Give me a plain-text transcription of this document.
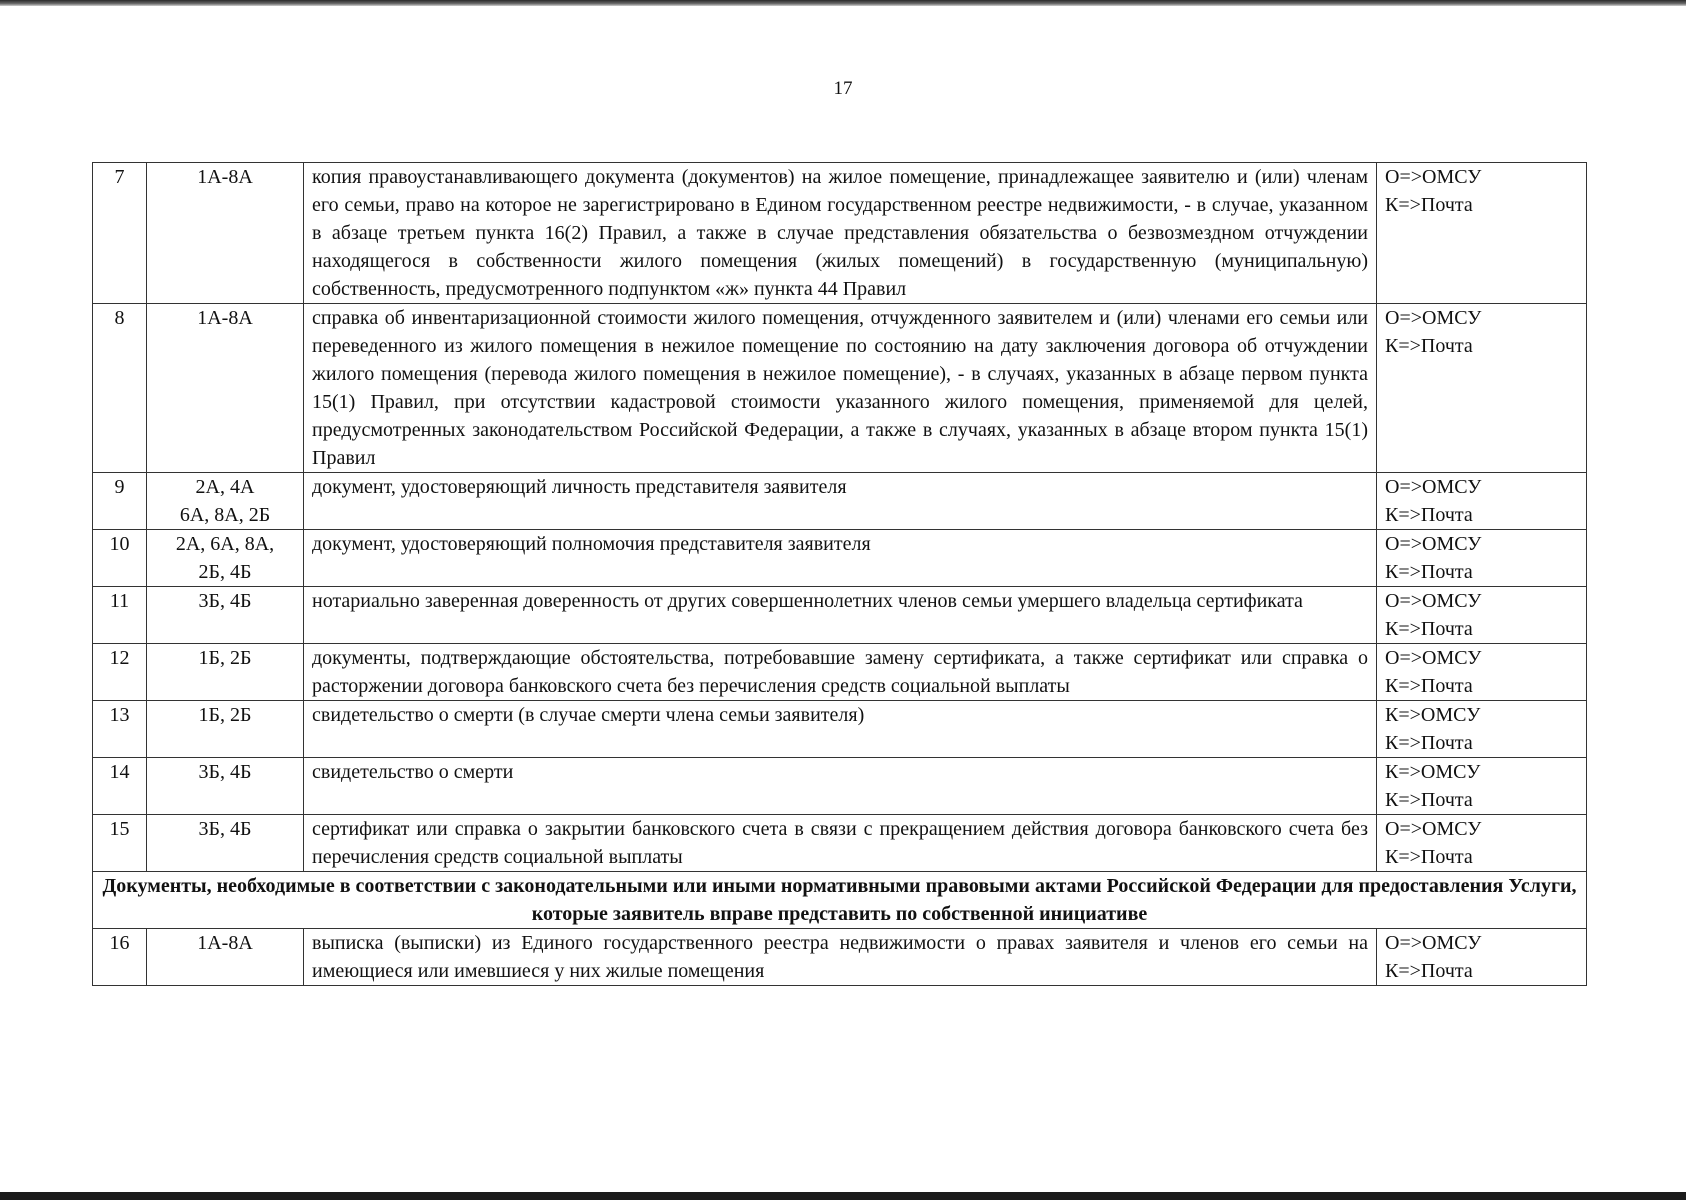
17
7	1А-8А	копия правоустанавливающего документа (документов) на жилое помещение, принадлежащее заявителю и (или) членам его семьи, право на которое не зарегистрировано в Едином государственном реестре недвижимости, - в случае, указанном в абзаце третьем пункта 16(2) Правил, а также в случае представления обязательства о безвозмездном отчуждении находящегося в собственности жилого помещения (жилых помещений) в государственную (муниципальную) собственность, предусмотренного подпунктом «ж» пункта 44 Правил	О=>ОМСУ
К=>Почта

8	1А-8А	справка об инвентаризационной стоимости жилого помещения, отчужденного заявителем и (или) членами его семьи или переведенного из жилого помещения в нежилое помещение по состоянию на дату заключения договора об отчуждении жилого помещения (перевода жилого помещения в нежилое помещение), - в случаях, указанных в абзаце первом пункта 15(1) Правил, при отсутствии кадастровой стоимости указанного жилого помещения, применяемой для целей, предусмотренных законодательством Российской Федерации, а также в случаях, указанных в абзаце втором пункта 15(1) Правил	О=>ОМСУ
К=>Почта

9	2А, 4А
6А, 8А, 2Б	документ, удостоверяющий личность представителя заявителя	О=>ОМСУ
К=>Почта

10	2А, 6А, 8А,
2Б, 4Б	документ, удостоверяющий полномочия представителя заявителя	О=>ОМСУ
К=>Почта

11	3Б, 4Б	нотариально заверенная доверенность от других совершеннолетних членов семьи умершего владельца сертификата	О=>ОМСУ
К=>Почта

12	1Б, 2Б	документы, подтверждающие обстоятельства, потребовавшие замену сертификата, а также сертификат или справка о расторжении договора банковского счета без перечисления средств социальной выплаты	О=>ОМСУ
К=>Почта

13	1Б, 2Б	свидетельство о смерти (в случае смерти члена семьи заявителя)	К=>ОМСУ
К=>Почта

14	3Б, 4Б	свидетельство о смерти	К=>ОМСУ
К=>Почта

15	3Б, 4Б	сертификат или справка о закрытии банковского счета в связи с прекращением действия договора банковского счета без перечисления средств социальной выплаты	О=>ОМСУ
К=>Почта

Документы, необходимые в соответствии с законодательными или иными нормативными правовыми актами Российской Федерации для предоставления Услуги, которые заявитель вправе представить по собственной инициативе			
16	1А-8А	выписка (выписки) из Единого государственного реестра недвижимости о правах заявителя и членов его семьи на имеющиеся или имевшиеся у них жилые помещения	О=>ОМСУ
К=>Почта
